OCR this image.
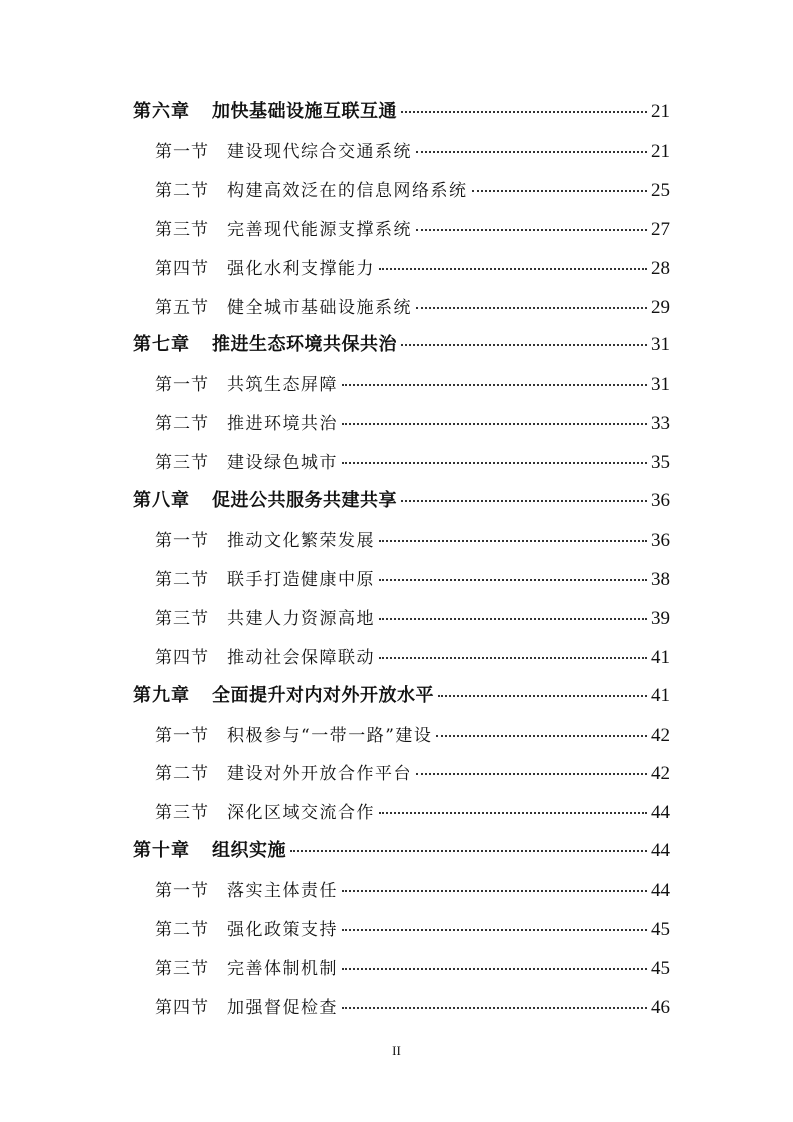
第六章 加快基础设施互联互通	21
第一节 建设现代综合交通系统	21
第二节 构建高效泛在的信息网络系统	25
第三节 完善现代能源支撑系统	27
第四节 强化水利支撑能力	28
第五节 健全城市基础设施系统	29
第七章 推进生态环境共保共治	31
第一节 共筑生态屏障	31
第二节 推进环境共治	33
第三节 建设绿色城市	35
第八章 促进公共服务共建共享	36
第一节 推动文化繁荣发展	36
第二节 联手打造健康中原	38
第三节 共建人力资源高地	39
第四节 推动社会保障联动	41
第九章 全面提升对内对外开放水平	41
第一节 积极参与“一带一路”建设	42
第二节 建设对外开放合作平台	42
第三节 深化区域交流合作	44
第十章 组织实施	44
第一节 落实主体责任	44
第二节 强化政策支持	45
第三节 完善体制机制	45
第四节 加强督促检查	46
II
